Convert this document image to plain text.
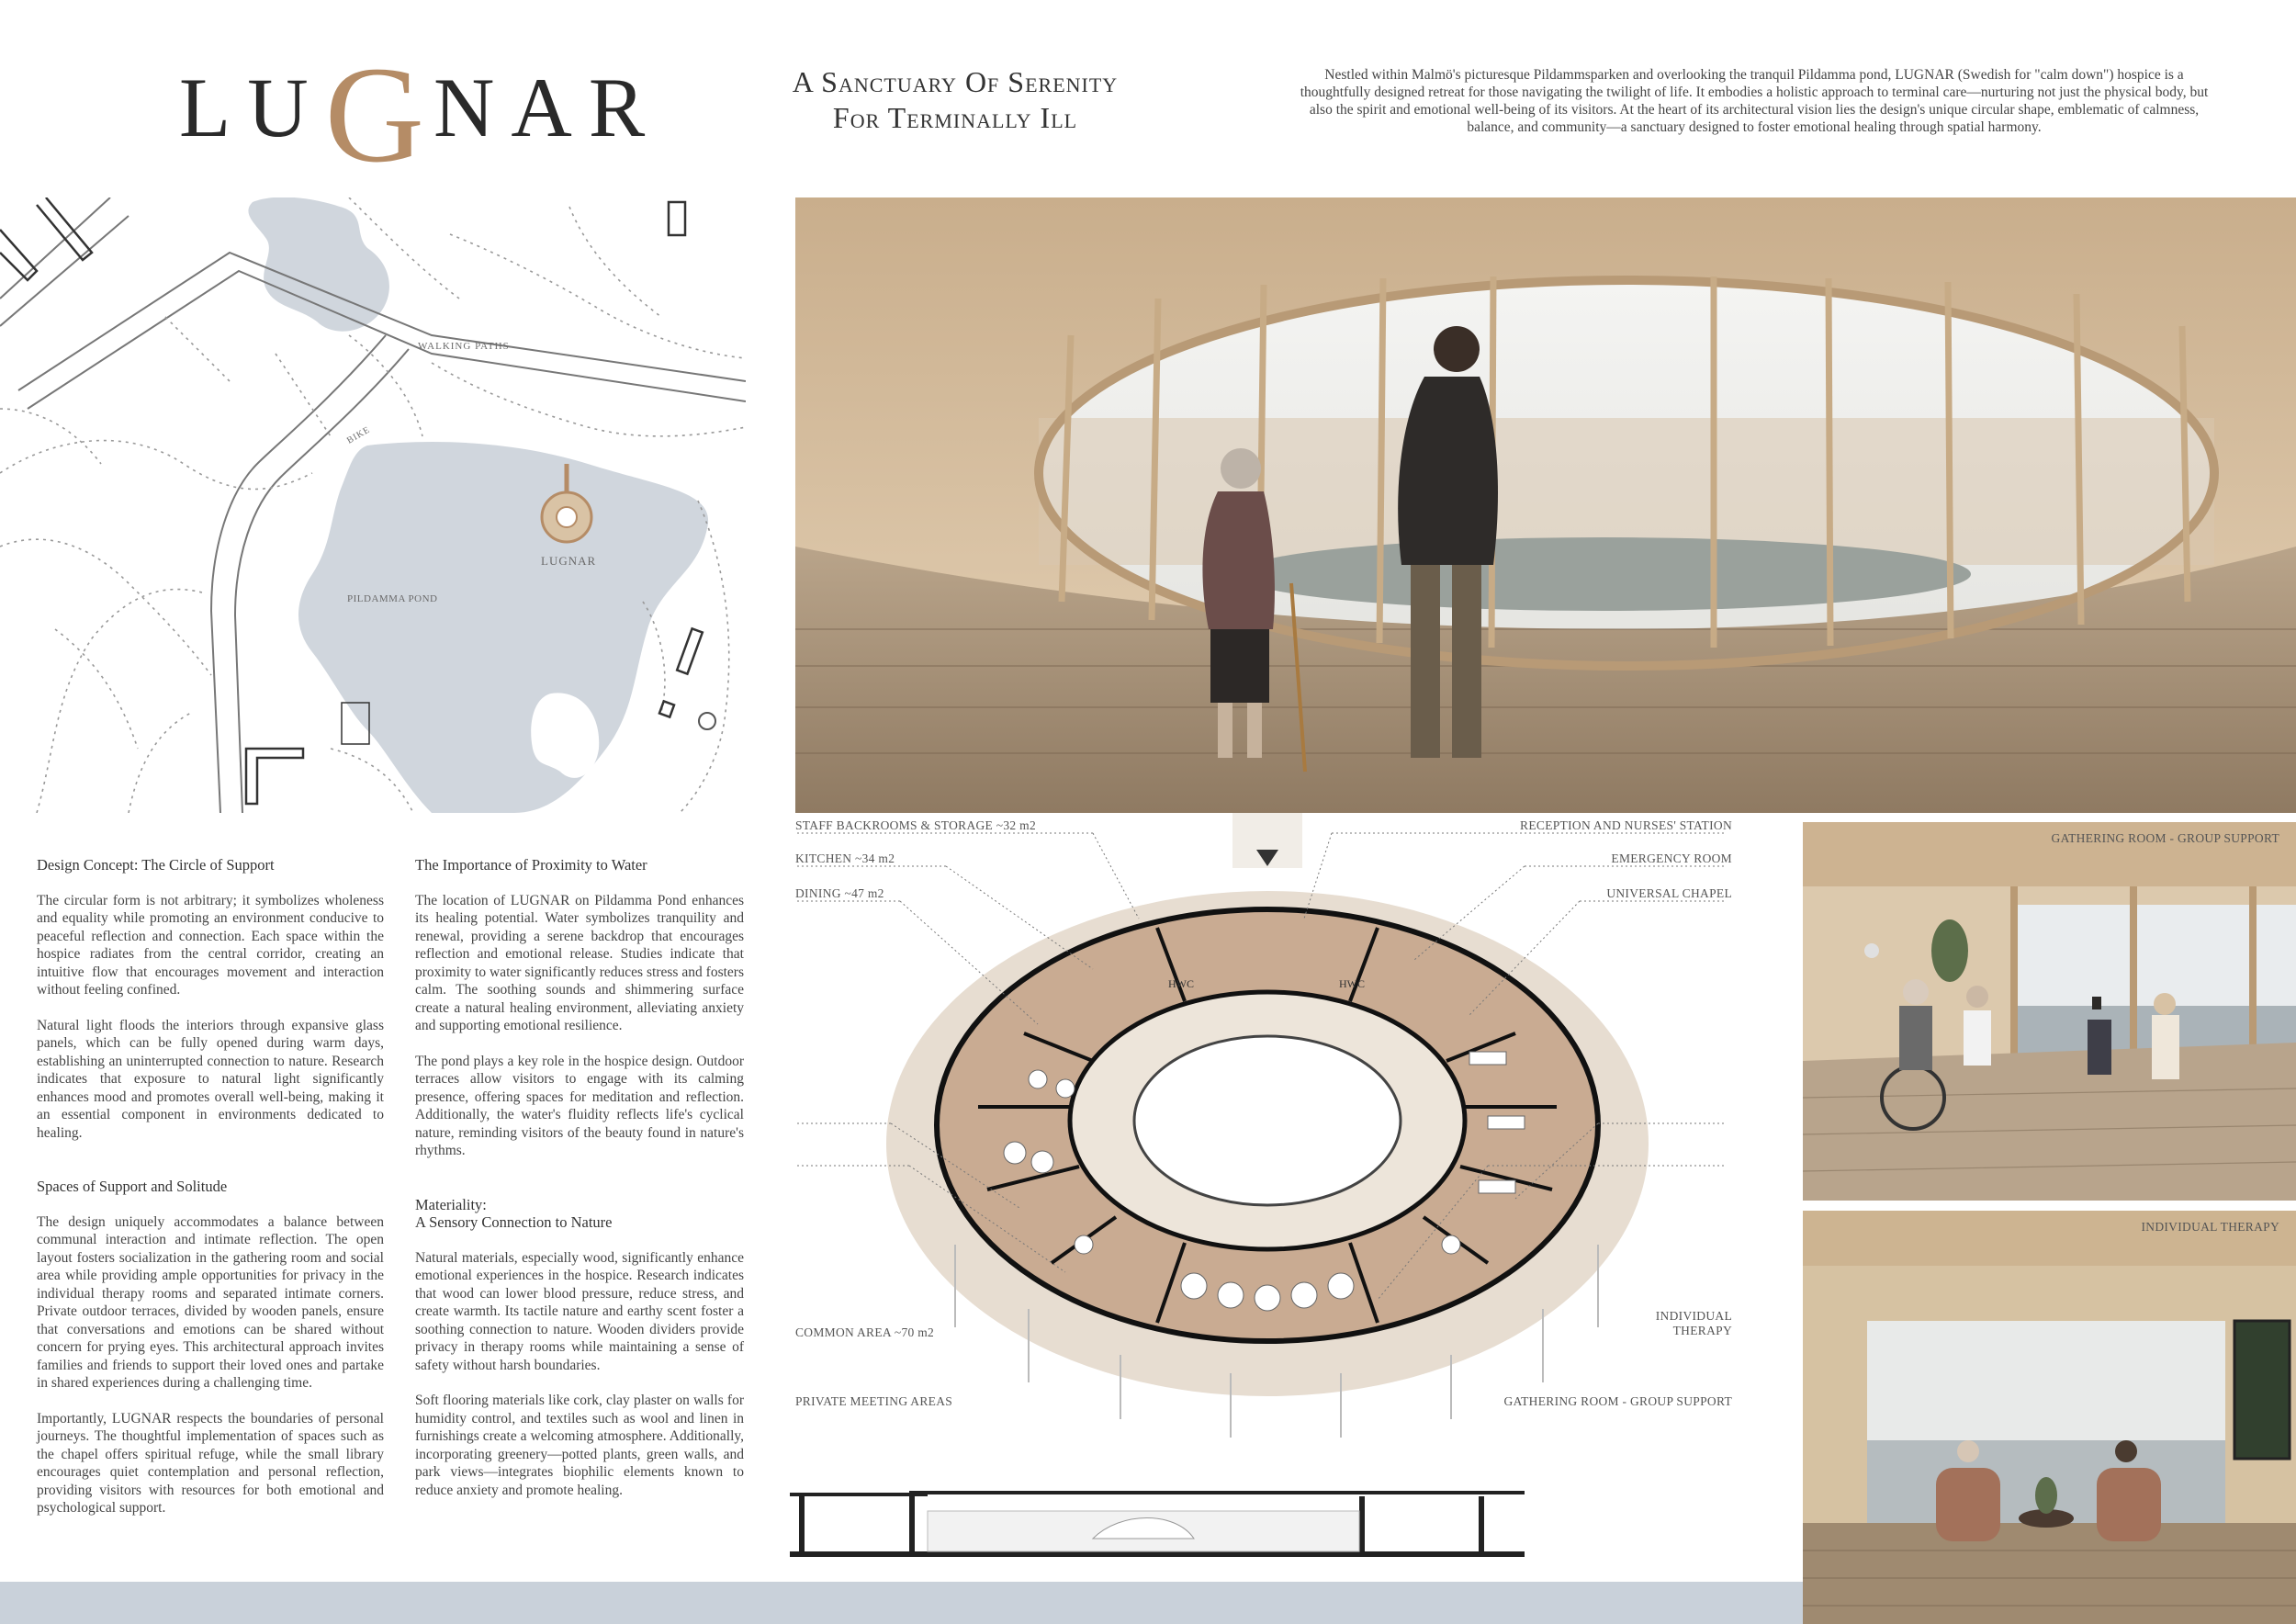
LU G NAR	A Sanctuary Of Serenity
For Terminally Ill
Nestled within Malmö's picturesque Pildammsparken and overlooking the tranquil Pildamma pond, LUGNAR (Swedish for "calm down") hospice is a thoughtfully designed retreat for those navigating the twilight of life. It embodies a holistic approach to terminal care—nurturing not just the physical body, but also the spirit and emotional well-being of its visitors. At the heart of its architectural vision lies the design's unique circular shape, emblematic of calmness, balance, and community—a sanctuary designed to foster emotional healing through spatial harmony.
WALKING PATHS
BIKE
PILDAMMA POND
LUGNAR
Design Concept: The Circle of Support

The circular form is not arbitrary; it symbolizes wholeness and equality while promoting an environment conducive to peaceful reflection and connection. Each space within the hospice radiates from the central corridor, creating an intuitive flow that encourages movement and interaction without feeling confined.

Natural light floods the interiors through expansive glass panels, which can be fully opened during warm days, establishing an uninterrupted connection to nature. Research indicates that exposure to natural light significantly enhances mood and promotes overall well-being, making it an essential component in environments dedicated to healing.

Spaces of Support and Solitude

The design uniquely accommodates a balance between communal interaction and intimate reflection. The open layout fosters socialization in the gathering room and social area while providing ample opportunities for privacy in the individual therapy rooms and separated intimate corners. Private outdoor terraces, divided by wooden panels, ensure that conversations and emotions can be shared without concern for prying eyes. This architectural approach invites families and friends to support their loved ones and partake in shared experiences during a challenging time.

Importantly, LUGNAR respects the boundaries of personal journeys. The thoughtful implementation of spaces such as the chapel offers spiritual refuge, while the small library encourages quiet contemplation and personal reflection, providing visitors with resources for both emotional and psychological support.

The Importance of Proximity to Water

The location of LUGNAR on Pildamma Pond enhances its healing potential. Water symbolizes tranquility and renewal, providing a serene backdrop that encourages reflection and emotional release. Studies indicate that proximity to water significantly reduces stress and fosters calm. The soothing sounds and shimmering surface create a natural healing environment, alleviating anxiety and supporting emotional resilience.

The pond plays a key role in the hospice design. Outdoor terraces allow visitors to engage with its calming presence, offering spaces for meditation and reflection. Additionally, the water's fluidity reflects life's cyclical nature, reminding visitors of the beauty found in nature's rhythms.

Materiality:
A Sensory Connection to Nature

Natural materials, especially wood, significantly enhance emotional experiences in the hospice. Research indicates that wood can lower blood pressure, reduce stress, and create warmth. Its tactile nature and earthy scent foster a soothing connection to nature. Wooden dividers provide privacy in therapy rooms while maintaining a sense of safety without harsh boundaries.

Soft flooring materials like cork, clay plaster on walls for humidity control, and textiles such as wool and linen in furnishings create a welcoming atmosphere. Additionally, incorporating greenery—potted plants, green walls, and park views—integrates biophilic elements known to reduce anxiety and promote healing.

HWC	HWC
STAFF BACKROOMS & STORAGE ~32 m2
KITCHEN ~34 m2
DINING ~47 m2
COMMON AREA ~70 m2
PRIVATE MEETING AREAS
RECEPTION AND NURSES' STATION
EMERGENCY ROOM
UNIVERSAL CHAPEL
INDIVIDUAL
THERAPY
GATHERING ROOM - GROUP SUPPORT
GATHERING ROOM - GROUP SUPPORT
INDIVIDUAL THERAPY
